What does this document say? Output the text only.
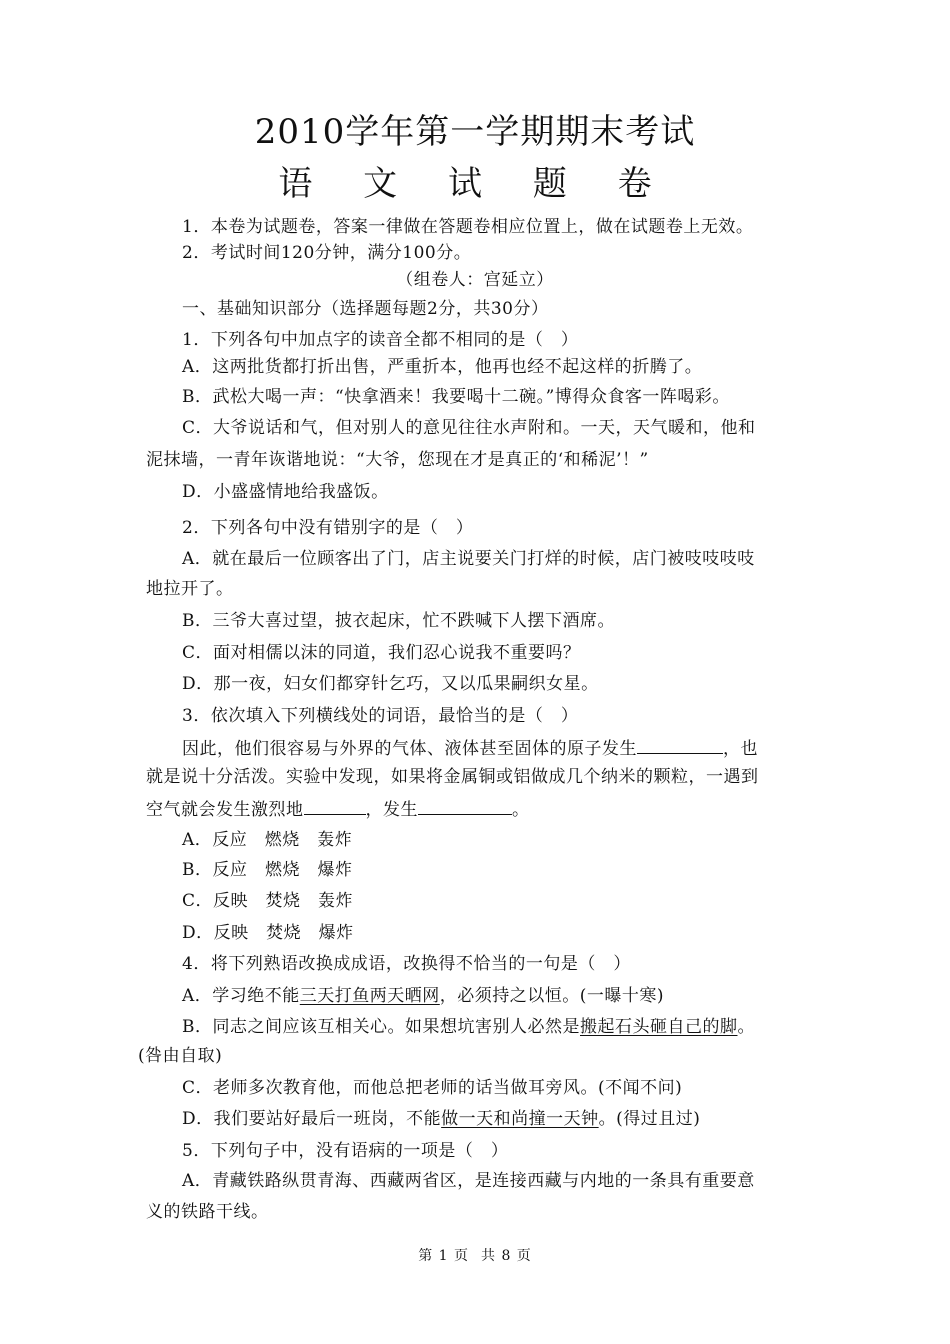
2010学年第一学期期末考试
语 文 试 题 卷
1．本卷为试题卷，答案一律做在答题卷相应位置上，做在试题卷上无效。
2．考试时间120分钟，满分100分。
（组卷人：宫延立）
一、基础知识部分（选择题每题2分，共30分）
1．下列各句中加点字的读音全都不相同的是（　）
A．这两批货都打折出售，严重折本，他再也经不起这样的折腾了。
B．武松大喝一声：“快拿酒来！我要喝十二碗。”博得众食客一阵喝彩。
C．大爷说话和气，但对别人的意见往往水声附和。一天，天气暖和，他和
泥抹墙，一青年诙谐地说：“大爷，您现在才是真正的‘和稀泥’！”
D．小盛盛情地给我盛饭。
2．下列各句中没有错别字的是（　）
A．就在最后一位顾客出了门，店主说要关门打烊的时候，店门被吱吱吱吱
地拉开了。
B．三爷大喜过望，披衣起床，忙不跌喊下人摆下酒席。
C．面对相儒以沫的同道，我们忍心说我不重要吗？
D．那一夜，妇女们都穿针乞巧，又以瓜果嗣织女星。
3．依次填入下列横线处的词语，最恰当的是（　）
因此，他们很容易与外界的气体、液体甚至固体的原子发生	，也
就是说十分活泼。实验中发现，如果将金属铜或铝做成几个纳米的颗粒，一遇到
空气就会发生激烈地	，发生	。
A．反应　燃烧　轰炸
B．反应　燃烧　爆炸
C．反映　焚烧　轰炸
D．反映　焚烧　爆炸
4．将下列熟语改换成成语，改换得不恰当的一句是（　）
A．学习绝不能三天打鱼两天晒网，必须持之以恒。(一曝十寒)
B．同志之间应该互相关心。如果想坑害别人必然是搬起石头砸自己的脚。
(咎由自取)
C．老师多次教育他，而他总把老师的话当做耳旁风。(不闻不问)
D．我们要站好最后一班岗，不能做一天和尚撞一天钟。(得过且过)
5．下列句子中，没有语病的一项是（　）
A．青藏铁路纵贯青海、西藏两省区，是连接西藏与内地的一条具有重要意
义的铁路干线。
第 1 页 共 8 页
